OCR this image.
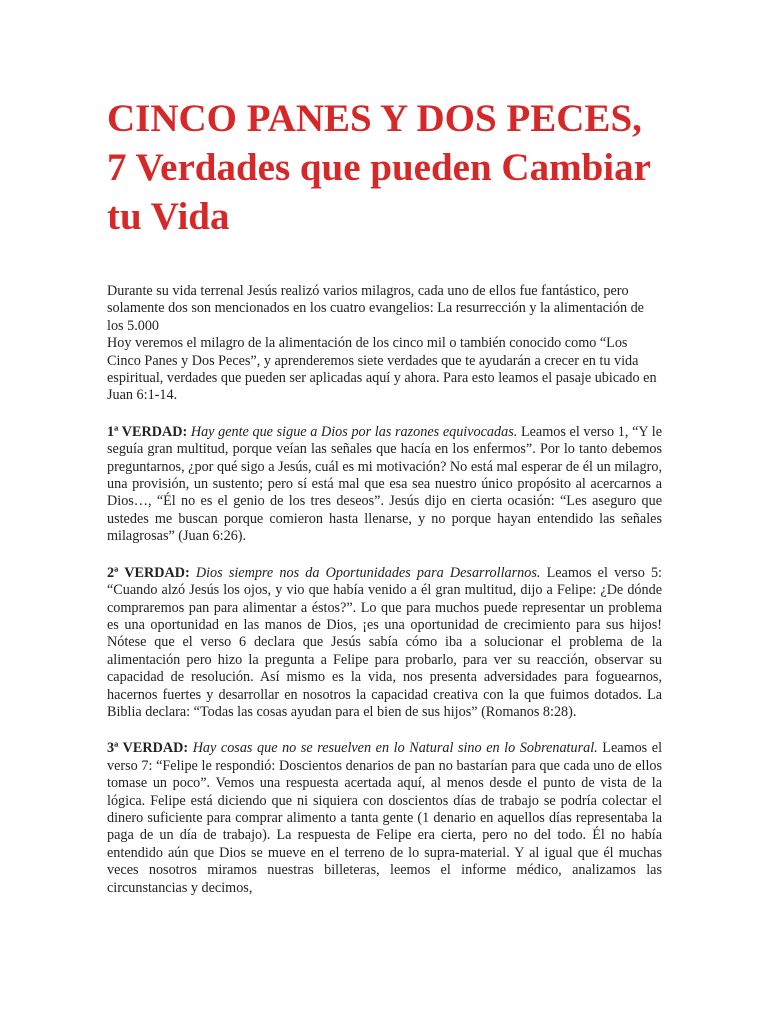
CINCO PANES Y DOS PECES, 7 Verdades que pueden Cambiar tu Vida

Durante su vida terrenal Jesús realizó varios milagros, cada uno de ellos fue fantástico, pero solamente dos son mencionados en los cuatro evangelios: La resurrección y la alimentación de los 5.000

Hoy veremos el milagro de la alimentación de los cinco mil o también conocido como “Los Cinco Panes y Dos Peces”, y aprenderemos siete verdades que te ayudarán a crecer en tu vida espiritual, verdades que pueden ser aplicadas aquí y ahora. Para esto leamos el pasaje ubicado en Juan 6:1-14.

1ª VERDAD: Hay gente que sigue a Dios por las razones equivocadas. Leamos el verso 1, “Y le seguía gran multitud, porque veían las señales que hacía en los enfermos”. Por lo tanto debemos preguntarnos, ¿por qué sigo a Jesús, cuál es mi motivación? No está mal esperar de él un milagro, una provisión, un sustento; pero sí está mal que esa sea nuestro único propósito al acercarnos a Dios…, “Él no es el genio de los tres deseos”. Jesús dijo en cierta ocasión: “Les aseguro que ustedes me buscan porque comieron hasta llenarse, y no porque hayan entendido las señales milagrosas” (Juan 6:26).

2ª VERDAD: Dios siempre nos da Oportunidades para Desarrollarnos. Leamos el verso 5: “Cuando alzó Jesús los ojos, y vio que había venido a él gran multitud, dijo a Felipe: ¿De dónde compraremos pan para alimentar a éstos?”. Lo que para muchos puede representar un problema es una oportunidad en las manos de Dios, ¡es una oportunidad de crecimiento para sus hijos! Nótese que el verso 6 declara que Jesús sabía cómo iba a solucionar el problema de la alimentación pero hizo la pregunta a Felipe para probarlo, para ver su reacción, observar su capacidad de resolución. Así mismo es la vida, nos presenta adversidades para foguearnos, hacernos fuertes y desarrollar en nosotros la capacidad creativa con la que fuimos dotados. La Biblia declara: “Todas las cosas ayudan para el bien de sus hijos” (Romanos 8:28).

3ª VERDAD: Hay cosas que no se resuelven en lo Natural sino en lo Sobrenatural. Leamos el verso 7: “Felipe le respondió: Doscientos denarios de pan no bastarían para que cada uno de ellos tomase un poco”. Vemos una respuesta acertada aquí, al menos desde el punto de vista de la lógica. Felipe está diciendo que ni siquiera con doscientos días de trabajo se podría colectar el dinero suficiente para comprar alimento a tanta gente (1 denario en aquellos días representaba la paga de un día de trabajo). La respuesta de Felipe era cierta, pero no del todo. Él no había entendido aún que Dios se mueve en el terreno de lo supra-material. Y al igual que él muchas veces nosotros miramos nuestras billeteras, leemos el informe médico, analizamos las circunstancias y decimos,
